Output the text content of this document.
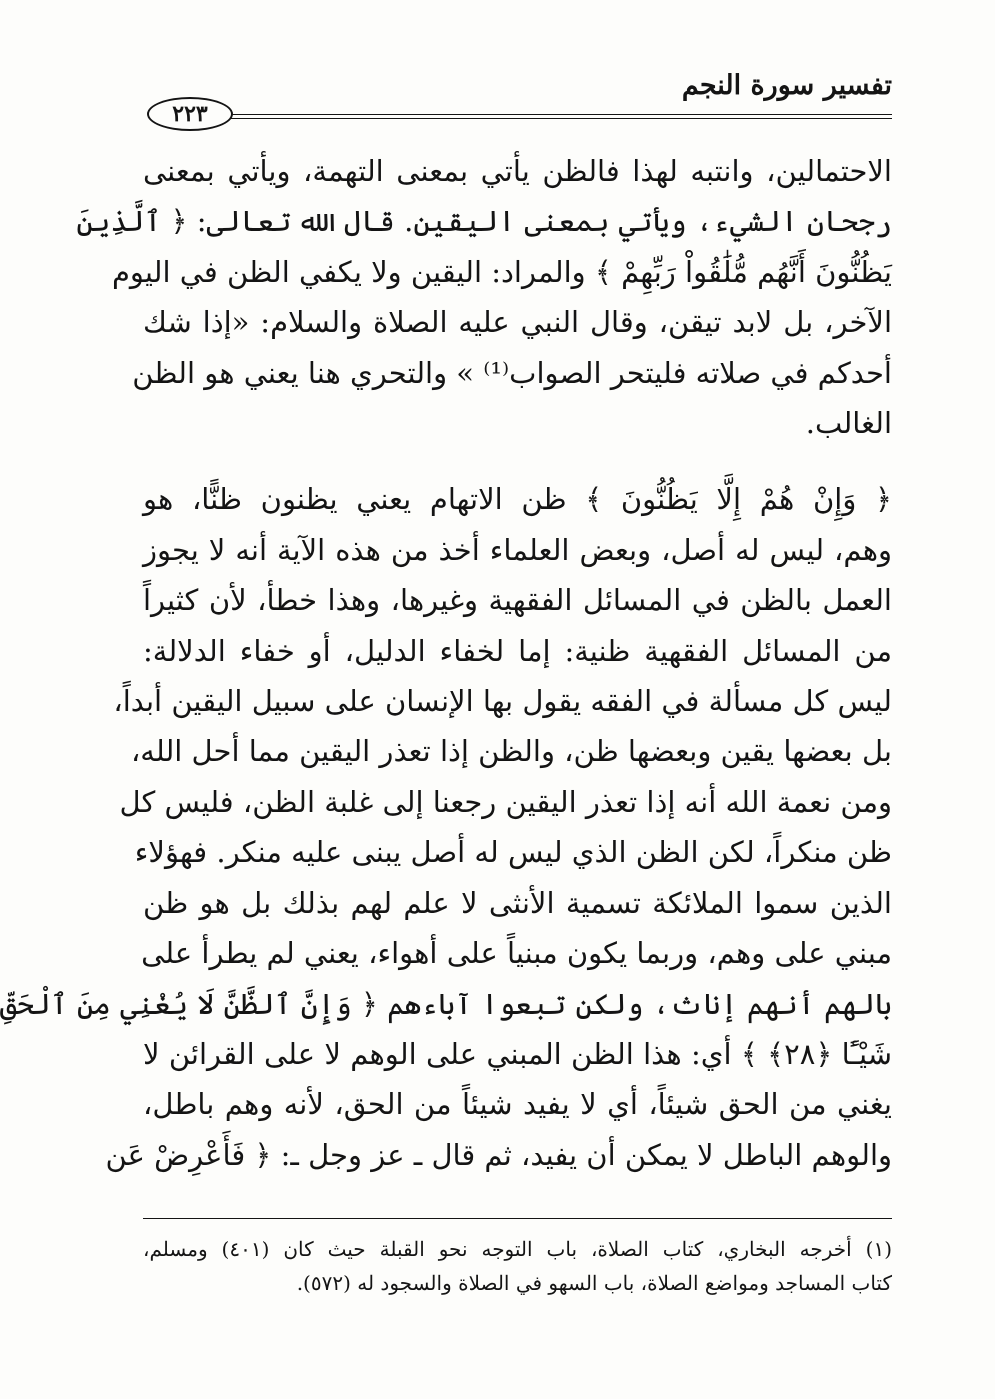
تفسير سورة النجم
٢٢٣
الاحتمالين، وانتبه لهذا فالظن يأتي بمعنى التهمة، ويأتي بمعنى
رجحان الشيء، ويأتي بمعنى اليقين. قال الله تعالى: ﴿ ٱلَّذِينَ
يَظُنُّونَ أَنَّهُم مُّلَٰقُواْ رَبِّهِمْ ﴾ والمراد: اليقين ولا يكفي الظن في اليوم
الآخر، بل لابد تيقن، وقال النبي عليه الصلاة والسلام: «إذا شك
أحدكم في صلاته فليتحر الصواب⁽¹⁾ » والتحري هنا يعني هو الظن
الغالب.
﴿ وَإِنْ هُمْ إِلَّا يَظُنُّونَ ﴾ ظن الاتهام يعني يظنون ظنًّا، هو
وهم، ليس له أصل، وبعض العلماء أخذ من هذه الآية أنه لا يجوز
العمل بالظن في المسائل الفقهية وغيرها، وهذا خطأ، لأن كثيراً
من المسائل الفقهية ظنية: إما لخفاء الدليل، أو خفاء الدلالة:
ليس كل مسألة في الفقه يقول بها الإنسان على سبيل اليقين أبداً،
بل بعضها يقين وبعضها ظن، والظن إذا تعذر اليقين مما أحل الله،
ومن نعمة الله أنه إذا تعذر اليقين رجعنا إلى غلبة الظن، فليس كل
ظن منكراً، لكن الظن الذي ليس له أصل يبنى عليه منكر. فهؤلاء
الذين سموا الملائكة تسمية الأنثى لا علم لهم بذلك بل هو ظن
مبني على وهم، وربما يكون مبنياً على أهواء، يعني لم يطرأ على
بالهم أنهم إناث، ولكن تبعوا آباءهم ﴿ وَإِنَّ ٱلظَّنَّ لَا يُغْنِي مِنَ ٱلْحَقِّ
شَيْـًٔا ﴿٢٨﴾ ﴾ أي: هذا الظن المبني على الوهم لا على القرائن لا
يغني من الحق شيئاً، أي لا يفيد شيئاً من الحق، لأنه وهم باطل،
والوهم الباطل لا يمكن أن يفيد، ثم قال ـ عز وجل ـ: ﴿ فَأَعْرِضْ عَن
(١) أخرجه البخاري، كتاب الصلاة، باب التوجه نحو القبلة حيث كان (٤٠١) ومسلم،
كتاب المساجد ومواضع الصلاة، باب السهو في الصلاة والسجود له (٥٧٢).
